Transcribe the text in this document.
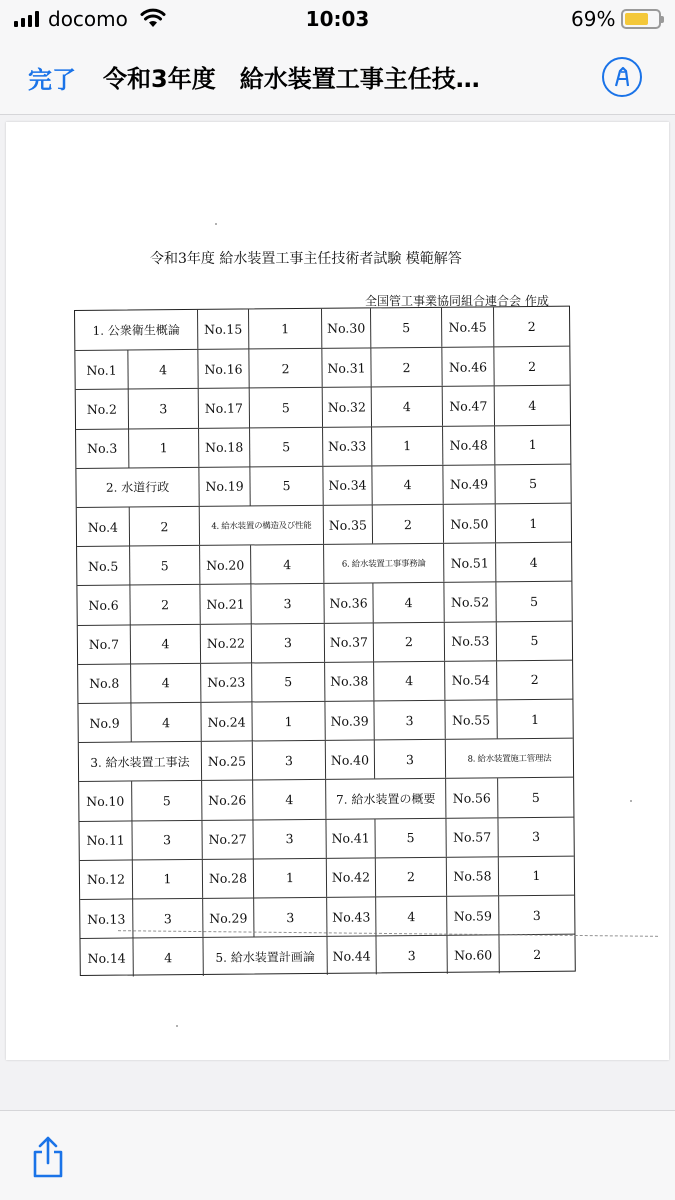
docomo	10:03	69%
完了 令和3年度　給水装置工事主任技…
令和3年度 給水装置工事主任技術者試験 模範解答
全国管工事業協同組合連合会 作成
1. 公衆衛生概論	No.15	1	No.30	5	No.45	2
No.1	4	No.16	2	No.31	2	No.46	2
No.2	3	No.17	5	No.32	4	No.47	4
No.3	1	No.18	5	No.33	1	No.48	1
2. 水道行政	No.19	5	No.34	4	No.49	5
No.4	2	4. 給水装置の構造及び性能	No.35	2	No.50	1
No.5	5	No.20	4	6. 給水装置工事事務論	No.51	4
No.6	2	No.21	3	No.36	4	No.52	5
No.7	4	No.22	3	No.37	2	No.53	5
No.8	4	No.23	5	No.38	4	No.54	2
No.9	4	No.24	1	No.39	3	No.55	1
3. 給水装置工事法	No.25	3	No.40	3	8. 給水装置施工管理法
No.10	5	No.26	4	7. 給水装置の概要	No.56	5
No.11	3	No.27	3	No.41	5	No.57	3
No.12	1	No.28	1	No.42	2	No.58	1
No.13	3	No.29	3	No.43	4	No.59	3
No.14	4	5. 給水装置計画論	No.44	3	No.60	2
